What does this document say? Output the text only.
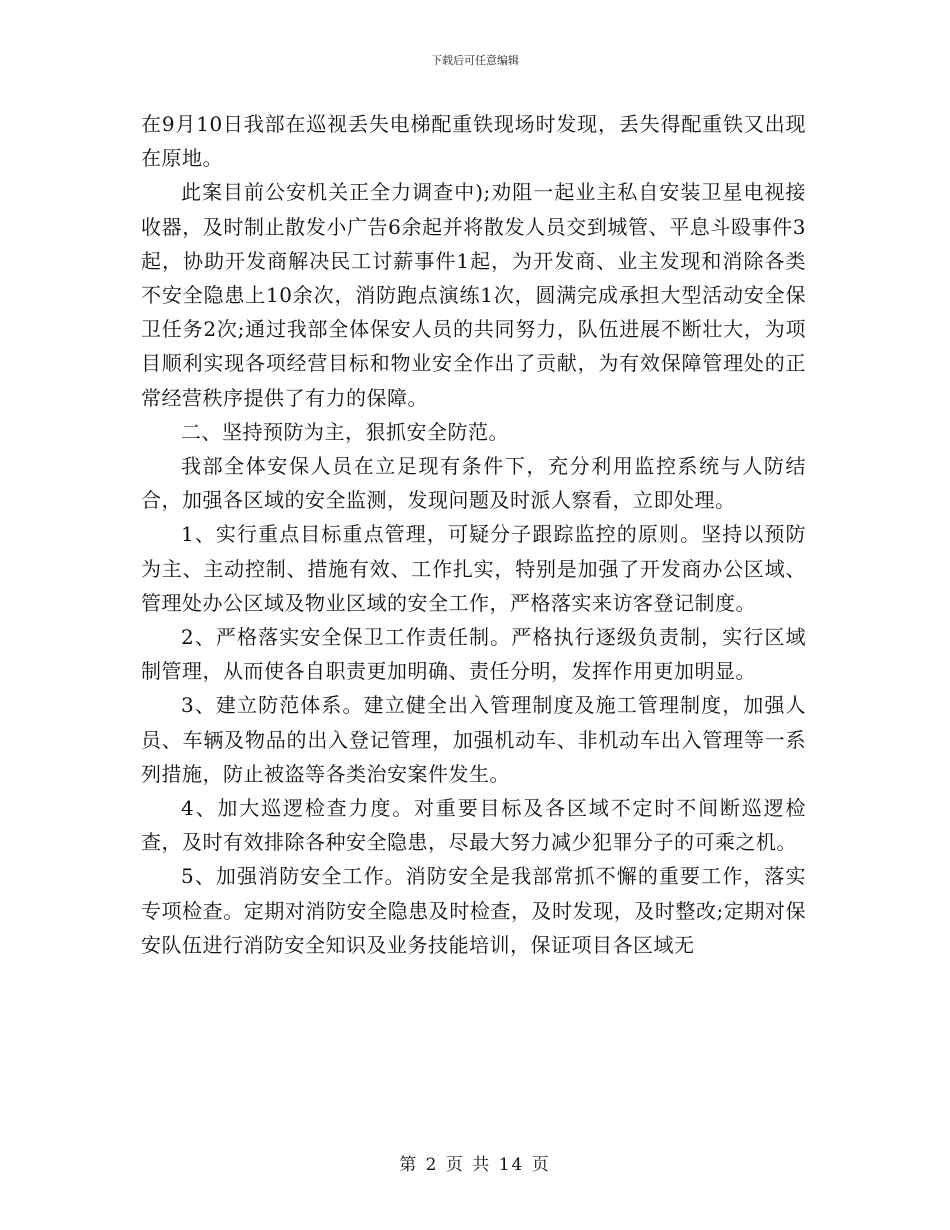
下载后可任意编辑

在9月10日我部在巡视丢失电梯配重铁现场时发现，丢失得配重铁又出现在原地。

此案目前公安机关正全力调查中);劝阻一起业主私自安装卫星电视接收器，及时制止散发小广告6余起并将散发人员交到城管、平息斗殴事件3起，协助开发商解决民工讨薪事件1起，为开发商、业主发现和消除各类不安全隐患上10余次，消防跑点演练1次，圆满完成承担大型活动安全保卫任务2次;通过我部全体保安人员的共同努力，队伍进展不断壮大，为项目顺利实现各项经营目标和物业安全作出了贡献，为有效保障管理处的正常经营秩序提供了有力的保障。

二、坚持预防为主，狠抓安全防范。

我部全体安保人员在立足现有条件下，充分利用监控系统与人防结合，加强各区域的安全监测，发现问题及时派人察看，立即处理。

1、实行重点目标重点管理，可疑分子跟踪监控的原则。坚持以预防为主、主动控制、措施有效、工作扎实，特别是加强了开发商办公区域、管理处办公区域及物业区域的安全工作，严格落实来访客登记制度。

2、严格落实安全保卫工作责任制。严格执行逐级负责制，实行区域制管理，从而使各自职责更加明确、责任分明，发挥作用更加明显。

3、建立防范体系。建立健全出入管理制度及施工管理制度，加强人员、车辆及物品的出入登记管理，加强机动车、非机动车出入管理等一系列措施，防止被盗等各类治安案件发生。

4、加大巡逻检查力度。对重要目标及各区域不定时不间断巡逻检查，及时有效排除各种安全隐患，尽最大努力减少犯罪分子的可乘之机。

5、加强消防安全工作。消防安全是我部常抓不懈的重要工作，落实专项检查。定期对消防安全隐患及时检查，及时发现，及时整改;定期对保安队伍进行消防安全知识及业务技能培训，保证项目各区域无

第 2 页 共 14 页
